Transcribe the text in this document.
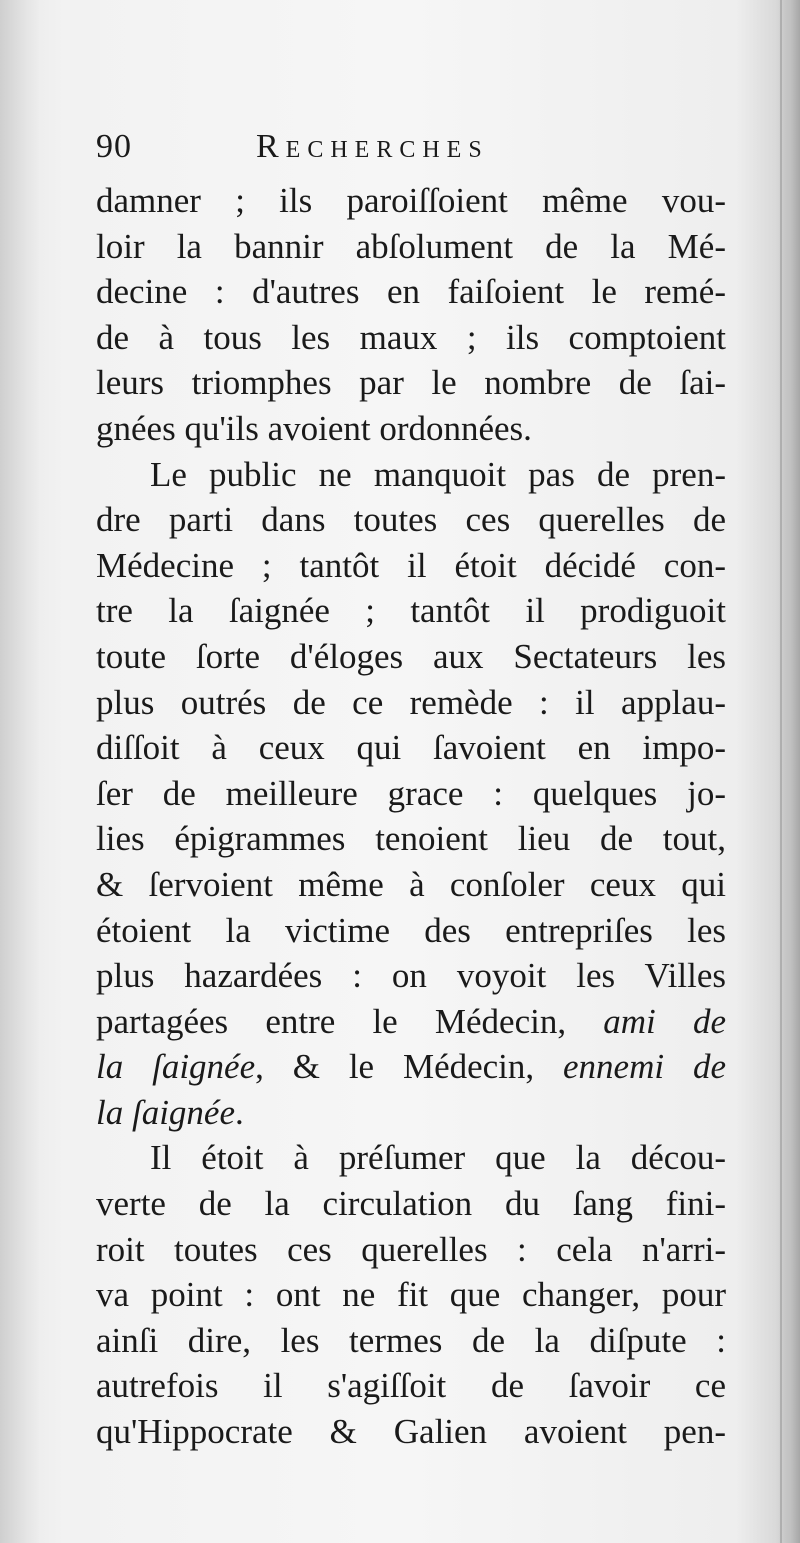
90	Recherches
damner ; ils paroiſſoient même vou-
loir la bannir abſolument de la Mé-
decine : d'autres en faiſoient le remé-
de à tous les maux ; ils comptoient
leurs triomphes par le nombre de ſai-
gnées qu'ils avoient ordonnées.
Le public ne manquoit pas de pren-
dre parti dans toutes ces querelles de
Médecine ; tantôt il étoit décidé con-
tre la ſaignée ; tantôt il prodiguoit
toute ſorte d'éloges aux Sectateurs les
plus outrés de ce remède : il applau-
diſſoit à ceux qui ſavoient en impo-
ſer de meilleure grace : quelques jo-
lies épigrammes tenoient lieu de tout,
& ſervoient même à conſoler ceux qui
étoient la victime des entrepriſes les
plus hazardées : on voyoit les Villes
partagées entre le Médecin, ami de
la ſaignée, & le Médecin, ennemi de
la ſaignée.
Il étoit à préſumer que la décou-
verte de la circulation du ſang fini-
roit toutes ces querelles : cela n'arri-
va point : ont ne fit que changer, pour
ainſi dire, les termes de la diſpute :
autrefois il s'agiſſoit de ſavoir ce
qu'Hippocrate & Galien avoient pen-
